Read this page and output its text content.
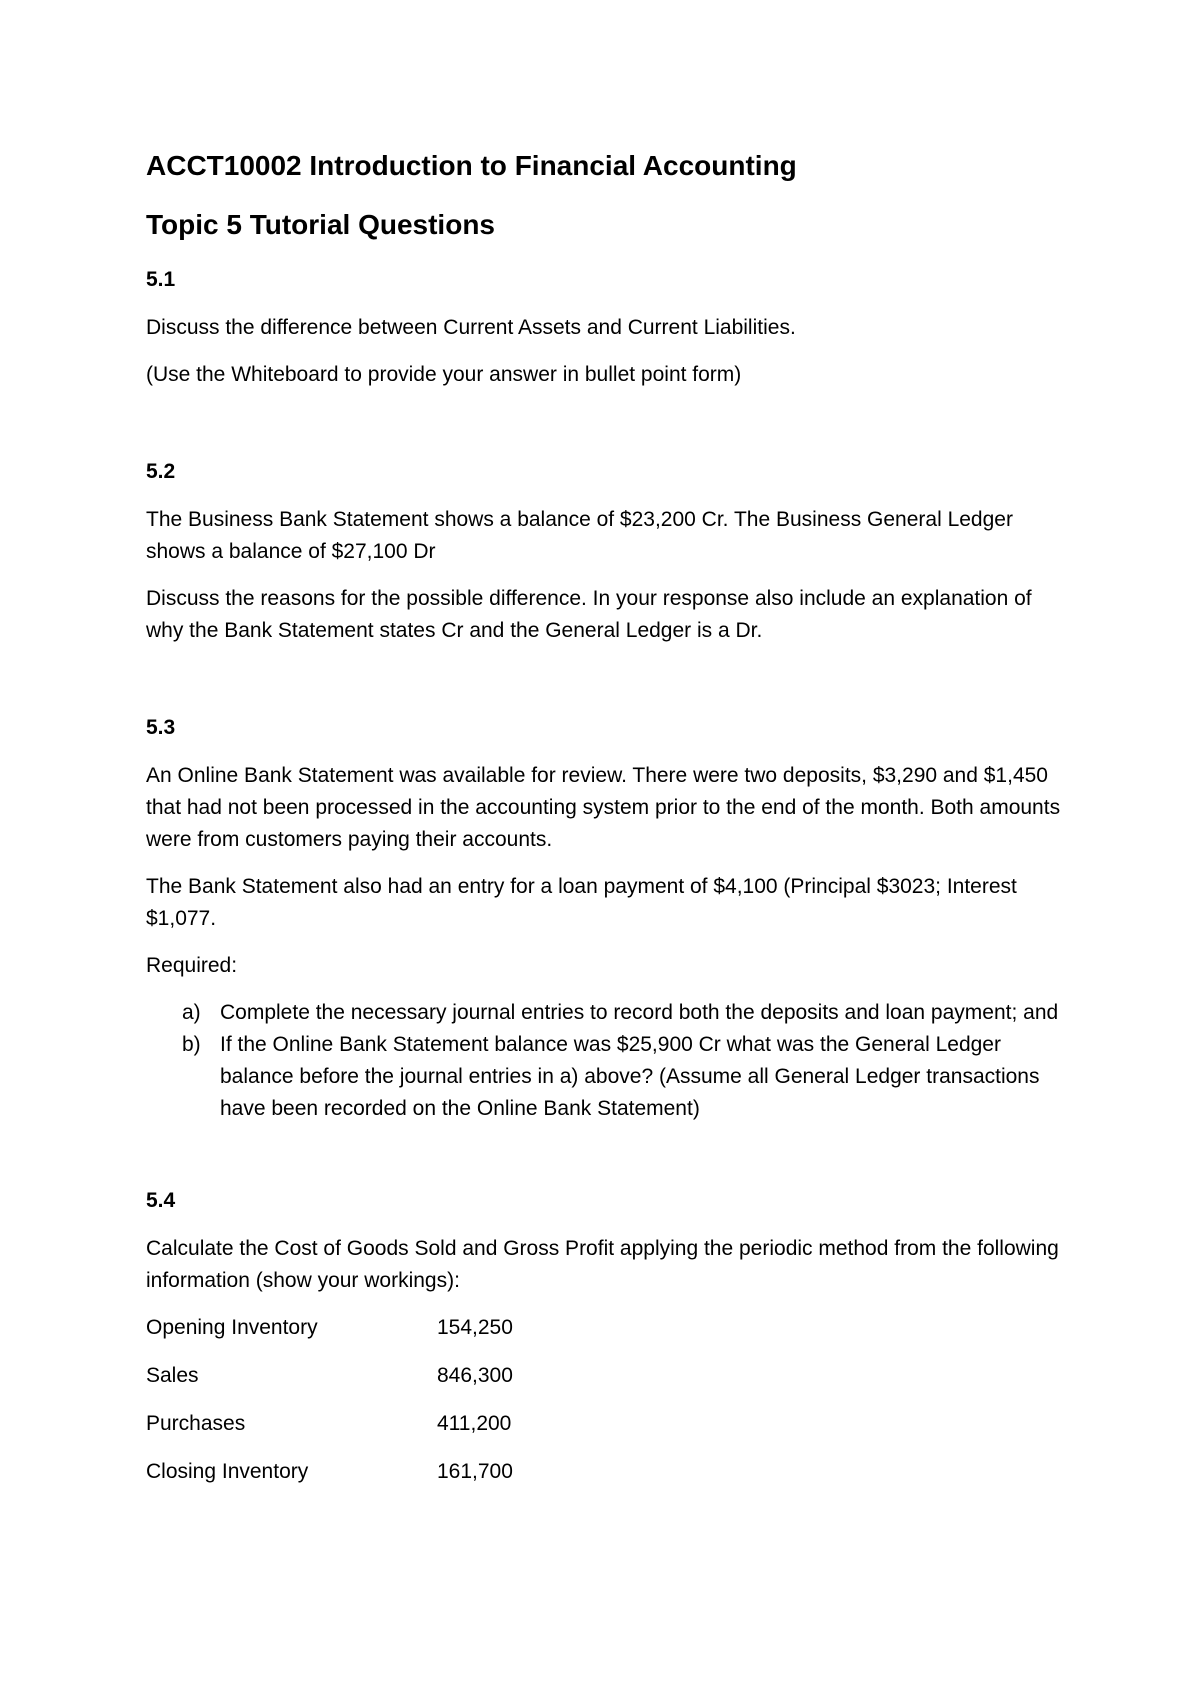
ACCT10002 Introduction to Financial Accounting
Topic 5 Tutorial Questions
5.1

Discuss the difference between Current Assets and Current Liabilities.

(Use the Whiteboard to provide your answer in bullet point form)

5.2

The Business Bank Statement shows a balance of $23,200 Cr. The Business General Ledger shows a balance of $27,100 Dr

Discuss the reasons for the possible difference. In your response also include an explanation of why the Bank Statement states Cr and the General Ledger is a Dr.

5.3

An Online Bank Statement was available for review. There were two deposits, $3,290 and $1,450 that had not been processed in the accounting system prior to the end of the month. Both amounts were from customers paying their accounts.

The Bank Statement also had an entry for a loan payment of $4,100 (Principal $3023; Interest $1,077.

Required:

a) Complete the necessary journal entries to record both the deposits and loan payment; and
b) If the Online Bank Statement balance was $25,900 Cr what was the General Ledger balance before the journal entries in a) above? (Assume all General Ledger transactions have been recorded on the Online Bank Statement)
5.4

Calculate the Cost of Goods Sold and Gross Profit applying the periodic method from the following information (show your workings):

Opening Inventory	154,250
Sales	846,300
Purchases	411,200
Closing Inventory	161,700
